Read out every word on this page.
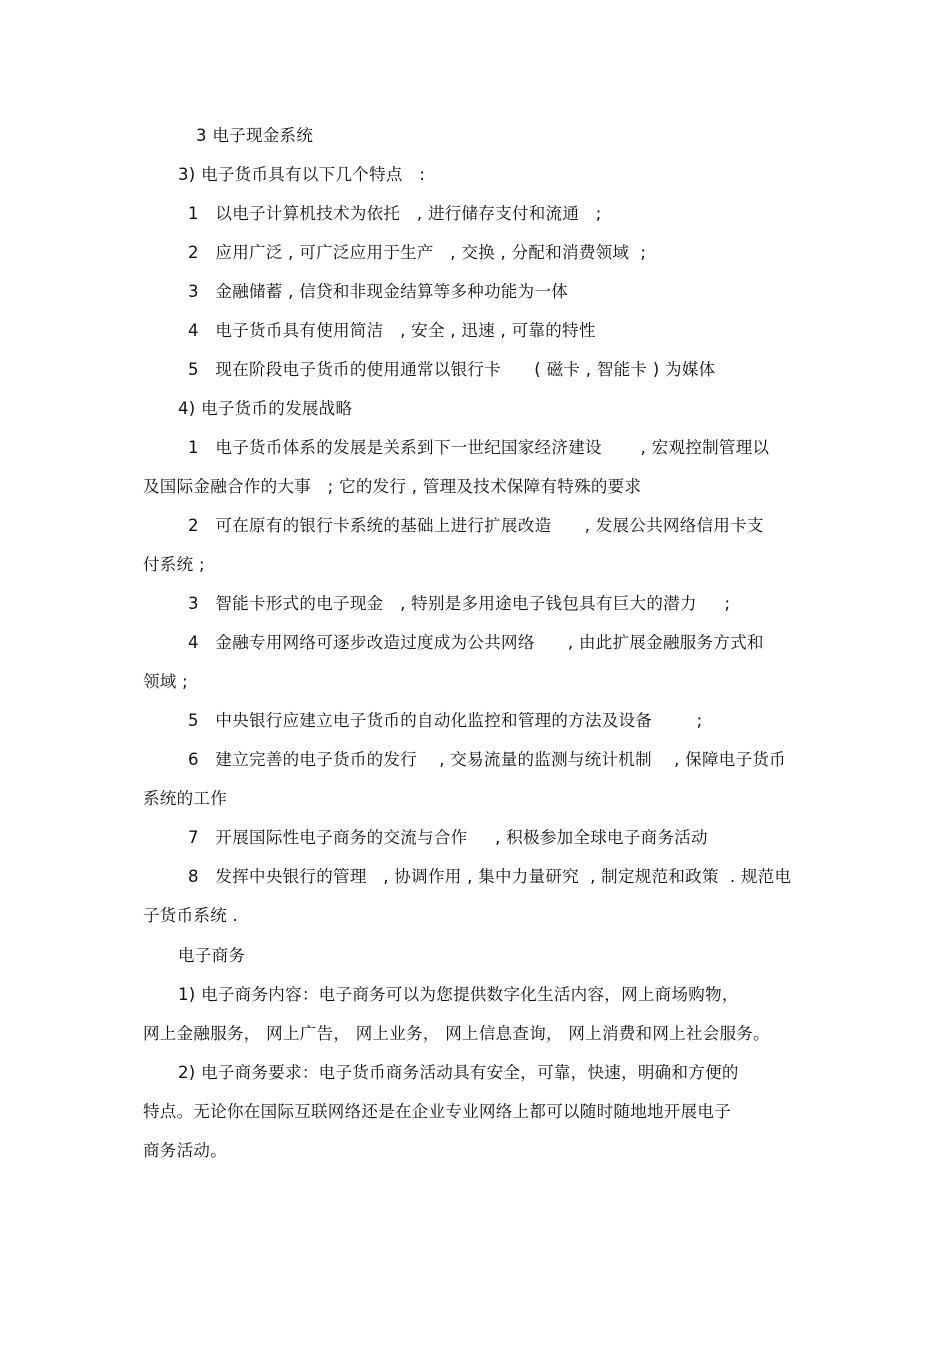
3 电子现金系统
3) 电子货币具有以下几个特点   :
1   以电子计算机技术为依托   , 进行储存支付和流通   ;
2   应用广泛 , 可广泛应用于生产   , 交换 , 分配和消费领域  ;
3   金融储蓄 , 信贷和非现金结算等多种功能为一体
4   电子货币具有使用简洁   , 安全 , 迅速 , 可靠的特性
5   现在阶段电子货币的使用通常以银行卡      ( 磁卡 , 智能卡 ) 为媒体
4) 电子货币的发展战略
1   电子货币体系的发展是关系到下一世纪国家经济建设       , 宏观控制管理以
及国际金融合作的大事   ; 它的发行 , 管理及技术保障有特殊的要求
2   可在原有的银行卡系统的基础上进行扩展改造      , 发展公共网络信用卡支
付系统 ;
3   智能卡形式的电子现金   , 特别是多用途电子钱包具有巨大的潜力     ;
4   金融专用网络可逐步改造过度成为公共网络      , 由此扩展金融服务方式和
领域 ;
5   中央银行应建立电子货币的自动化监控和管理的方法及设备        ;
6   建立完善的电子货币的发行    , 交易流量的监测与统计机制    , 保障电子货币
系统的工作
7   开展国际性电子商务的交流与合作     , 积极参加全球电子商务活动
8   发挥中央银行的管理   , 协调作用 , 集中力量研究  , 制定规范和政策  . 规范电
子货币系统 .
电子商务
1) 电子商务内容：电子商务可以为您提供数字化生活内容，网上商场购物，
网上金融服务， 网上广告， 网上业务， 网上信息查询， 网上消费和网上社会服务。
2) 电子商务要求：电子货币商务活动具有安全，可靠，快速，明确和方便的
特点。无论你在国际互联网络还是在企业专业网络上都可以随时随地地开展电子
商务活动。
